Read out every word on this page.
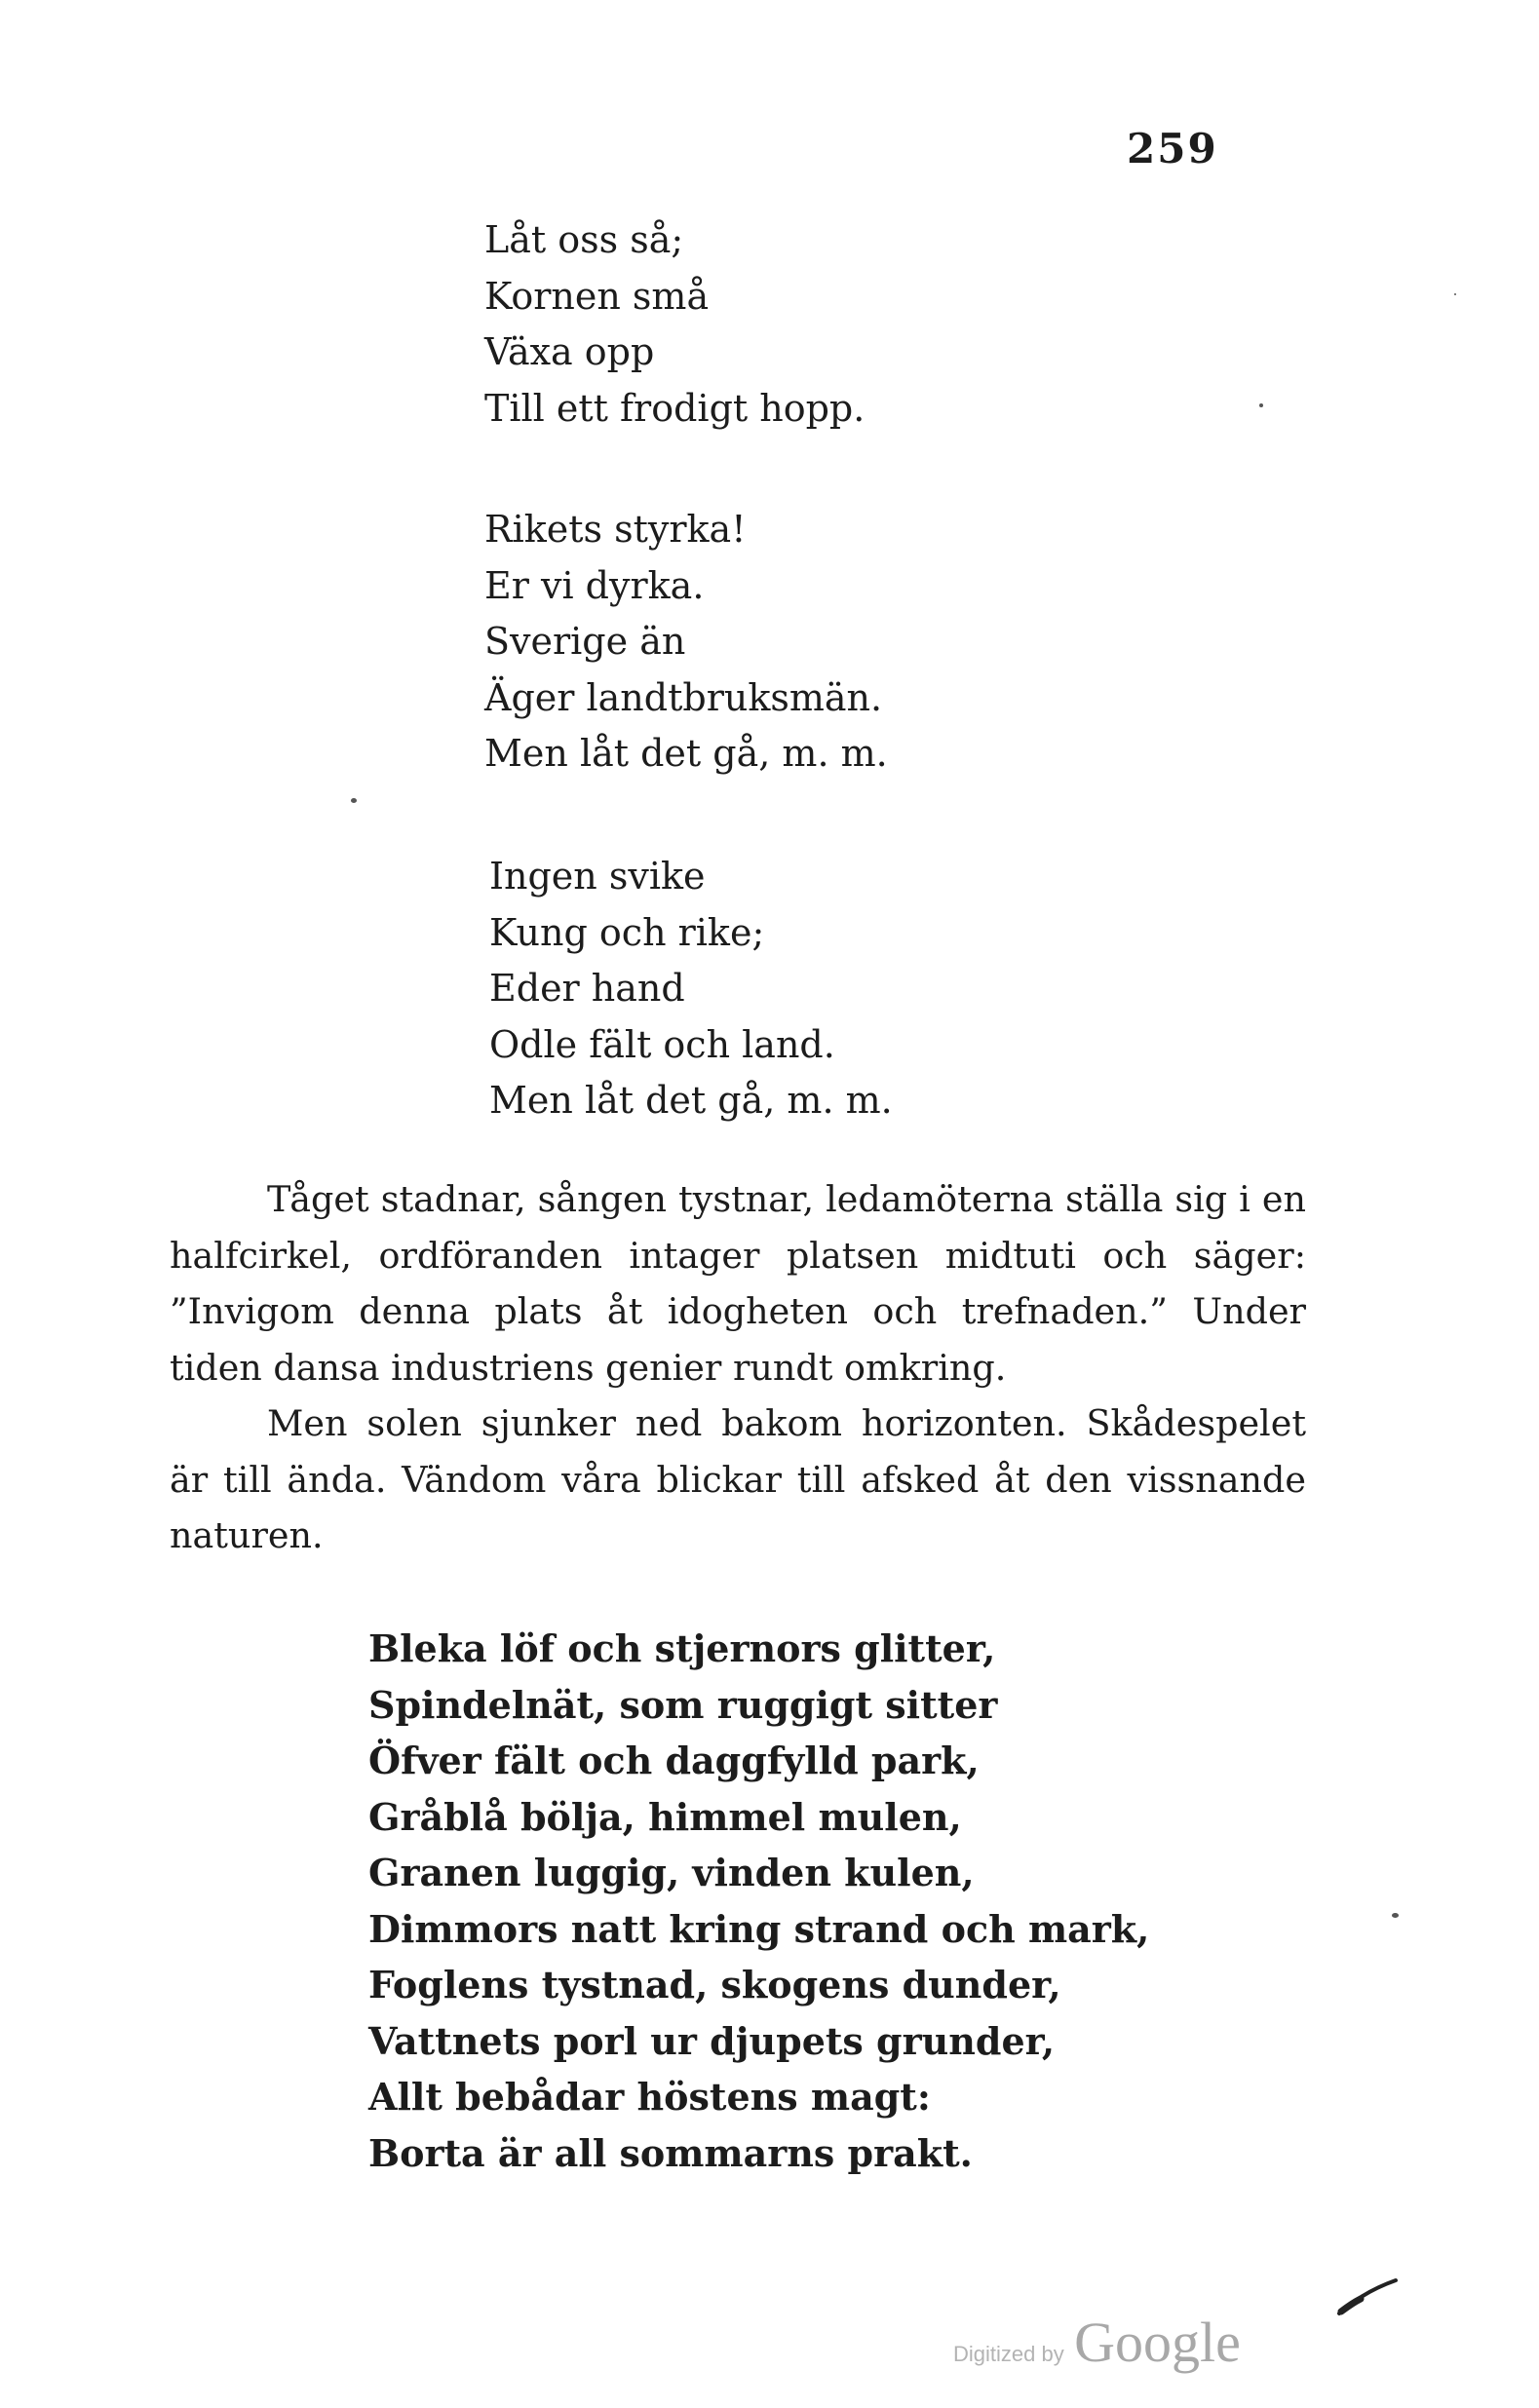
259
Låt oss så;
Kornen små
Växa opp
Till ett frodigt hopp.
Rikets styrka!
Er vi dyrka.
Sverige än
Äger landtbruksmän.
Men låt det gå, m. m.
Ingen svike
Kung och rike;
Eder hand
Odle fält och land.
Men låt det gå, m. m.

Tåget stadnar, sången tystnar, ledamöterna ställa sig i en halfcirkel, ordföranden intager platsen midtuti och säger: ”Invigom denna plats åt idogheten och trefnaden.” Under tiden dansa industriens genier rundt omkring.

Men solen sjunker ned bakom horizonten. Skådespelet är till ända. Vändom våra blickar till afsked åt den vissnande naturen.

Bleka löf och stjernors glitter,
Spindelnät, som ruggigt sitter
Öfver fält och daggfylld park,
Gråblå bölja, himmel mulen,
Granen luggig, vinden kulen,
Dimmors natt kring strand och mark,
Foglens tystnad, skogens dunder,
Vattnets porl ur djupets grunder,
Allt bebådar höstens magt:
Borta är all sommarns prakt.
Digitized by Google
